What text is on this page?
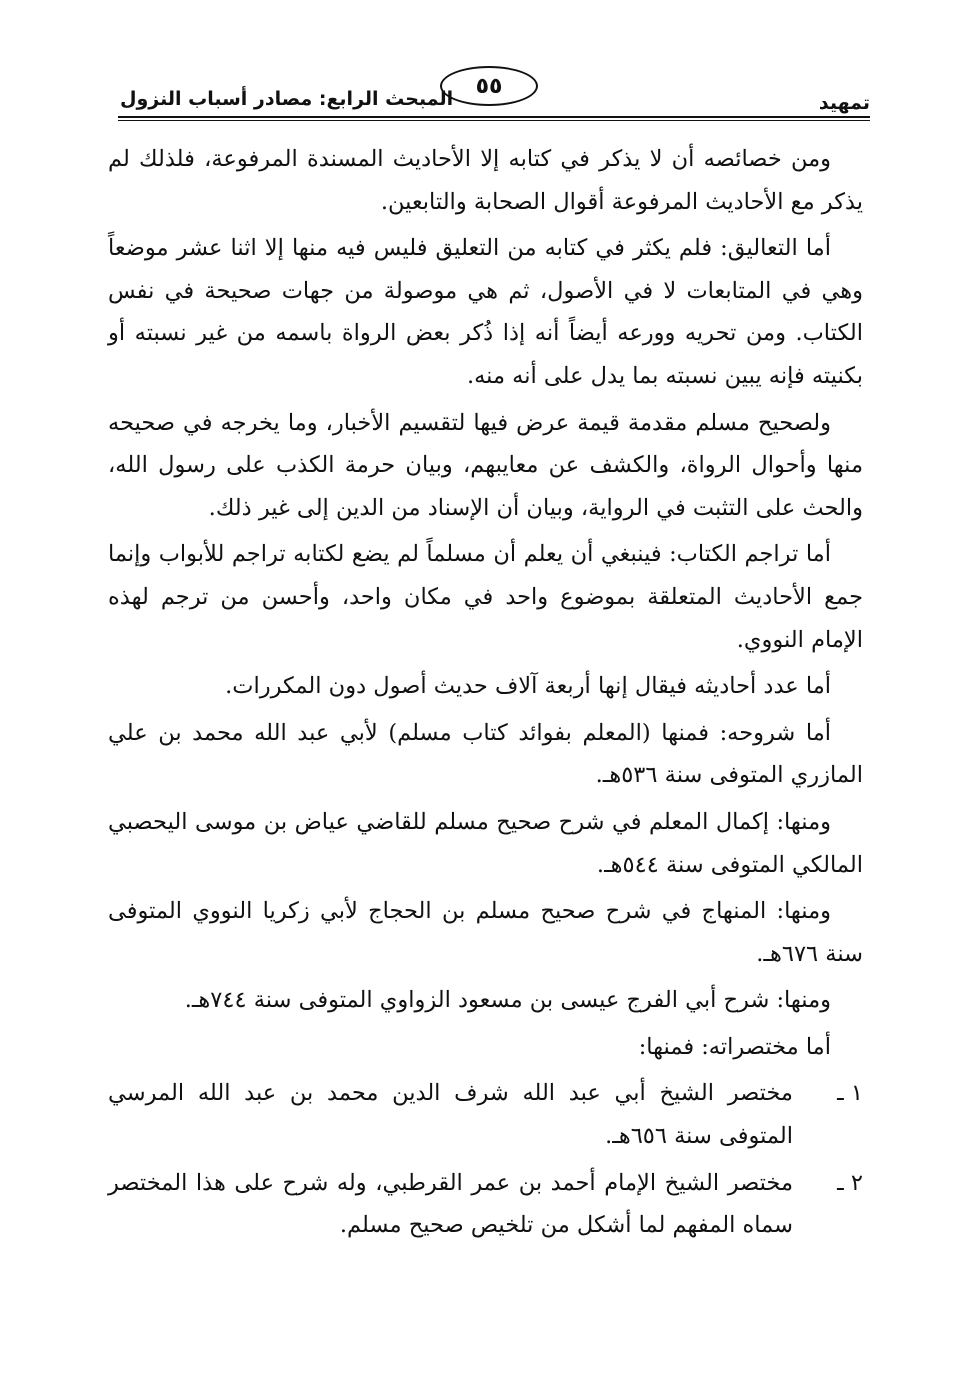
تمهيد
٥٥
المبحث الرابع: مصادر أسباب النزول

ومن خصائصه أن لا يذكر في كتابه إلا الأحاديث المسندة المرفوعة، فلذلك لم يذكر مع الأحاديث المرفوعة أقوال الصحابة والتابعين.

أما التعاليق: فلم يكثر في كتابه من التعليق فليس فيه منها إلا اثنا عشر موضعاً وهي في المتابعات لا في الأصول، ثم هي موصولة من جهات صحيحة في نفس الكتاب. ومن تحريه وورعه أيضاً أنه إذا ذُكر بعض الرواة باسمه من غير نسبته أو بكنيته فإنه يبين نسبته بما يدل على أنه منه.

ولصحيح مسلم مقدمة قيمة عرض فيها لتقسيم الأخبار، وما يخرجه في صحيحه منها وأحوال الرواة، والكشف عن معايبهم، وبيان حرمة الكذب على رسول الله، والحث على التثبت في الرواية، وبيان أن الإسناد من الدين إلى غير ذلك.

أما تراجم الكتاب: فينبغي أن يعلم أن مسلماً لم يضع لكتابه تراجم للأبواب وإنما جمع الأحاديث المتعلقة بموضوع واحد في مكان واحد، وأحسن من ترجم لهذه الإمام النووي.

أما عدد أحاديثه فيقال إنها أربعة آلاف حديث أصول دون المكررات.

أما شروحه: فمنها (المعلم بفوائد كتاب مسلم) لأبي عبد الله محمد بن علي المازري المتوفى سنة ٥٣٦هـ.

ومنها: إكمال المعلم في شرح صحيح مسلم للقاضي عياض بن موسى اليحصبي المالكي المتوفى سنة ٥٤٤هـ.

ومنها: المنهاج في شرح صحيح مسلم بن الحجاج لأبي زكريا النووي المتوفى سنة ٦٧٦هـ.

ومنها: شرح أبي الفرج عيسى بن مسعود الزواوي المتوفى سنة ٧٤٤هـ.

أما مختصراته: فمنها:

١ ـ
مختصر الشيخ أبي عبد الله شرف الدين محمد بن عبد الله المرسي المتوفى سنة ٦٥٦هـ.
٢ ـ
مختصر الشيخ الإمام أحمد بن عمر القرطبي، وله شرح على هذا المختصر سماه المفهم لما أشكل من تلخيص صحيح مسلم.
